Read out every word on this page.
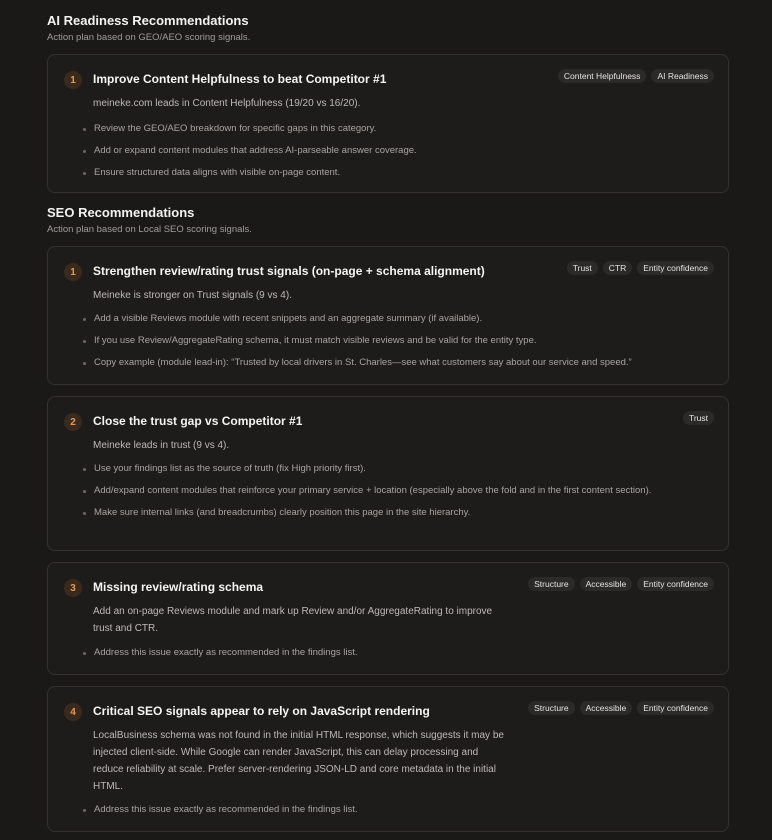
AI Readiness Recommendations
Action plan based on GEO/AEO scoring signals.
1	Improve Content Helpfulness to beat Competitor #1	Content Helpfulness	AI Readiness
meineke.com leads in Content Helpfulness (19/20 vs 16/20).
Review the GEO/AEO breakdown for specific gaps in this category.
Add or expand content modules that address AI-parseable answer coverage.
Ensure structured data aligns with visible on-page content.
SEO Recommendations
Action plan based on Local SEO scoring signals.
1	Strengthen review/rating trust signals (on-page + schema alignment)	Trust	CTR	Entity confidence
Meineke is stronger on Trust signals (9 vs 4).
Add a visible Reviews module with recent snippets and an aggregate summary (if available).
If you use Review/AggregateRating schema, it must match visible reviews and be valid for the entity type.
Copy example (module lead-in): “Trusted by local drivers in St. Charles—see what customers say about our service and speed.”
2	Close the trust gap vs Competitor #1	Trust
Meineke leads in trust (9 vs 4).
Use your findings list as the source of truth (fix High priority first).
Add/expand content modules that reinforce your primary service + location (especially above the fold and in the first content section).
Make sure internal links (and breadcrumbs) clearly position this page in the site hierarchy.
3	Missing review/rating schema	Structure	Accessible	Entity confidence
Add an on-page Reviews module and mark up Review and/or AggregateRating to improve trust and CTR.
Address this issue exactly as recommended in the findings list.
4	Critical SEO signals appear to rely on JavaScript rendering	Structure	Accessible	Entity confidence
LocalBusiness schema was not found in the initial HTML response, which suggests it may be injected client-side. While Google can render JavaScript, this can delay processing and reduce reliability at scale. Prefer server-rendering JSON-LD and core metadata in the initial HTML.
Address this issue exactly as recommended in the findings list.
